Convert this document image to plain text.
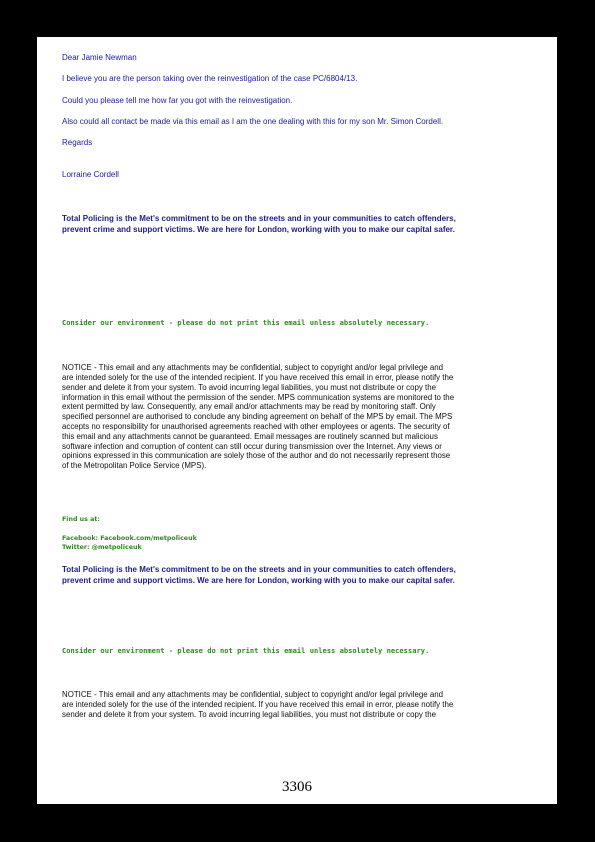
Dear Jamie Newman
I believe you are the person taking over the reinvestigation of the case PC/6804/13.
Could you please tell me how far you got with the reinvestigation.
Also could all contact be made via this email as I am the one dealing with this for my son Mr. Simon Cordell.
Regards
Lorraine Cordell
Total Policing is the Met's commitment to be on the streets and in your communities to catch offenders,
prevent crime and support victims. We are here for London, working with you to make our capital safer.
Consider our environment - please do not print this email unless absolutely necessary.
NOTICE - This email and any attachments may be confidential, subject to copyright and/or legal privilege and
are intended solely for the use of the intended recipient. If you have received this email in error, please notify the
sender and delete it from your system. To avoid incurring legal liabilities, you must not distribute or copy the
information in this email without the permission of the sender. MPS communication systems are monitored to the
extent permitted by law. Consequently, any email and/or attachments may be read by monitoring staff. Only
specified personnel are authorised to conclude any binding agreement on behalf of the MPS by email. The MPS
accepts no responsibility for unauthorised agreements reached with other employees or agents. The security of
this email and any attachments cannot be guaranteed. Email messages are routinely scanned but malicious
software infection and corruption of content can still occur during transmission over the Internet. Any views or
opinions expressed in this communication are solely those of the author and do not necessarily represent those
of the Metropolitan Police Service (MPS).
Find us at:
Facebook: Facebook.com/metpoliceuk
Twitter: @metpoliceuk
Total Policing is the Met's commitment to be on the streets and in your communities to catch offenders,
prevent crime and support victims. We are here for London, working with you to make our capital safer.
Consider our environment - please do not print this email unless absolutely necessary.
NOTICE - This email and any attachments may be confidential, subject to copyright and/or legal privilege and
are intended solely for the use of the intended recipient. If you have received this email in error, please notify the
sender and delete it from your system. To avoid incurring legal liabilities, you must not distribute or copy the
3306
